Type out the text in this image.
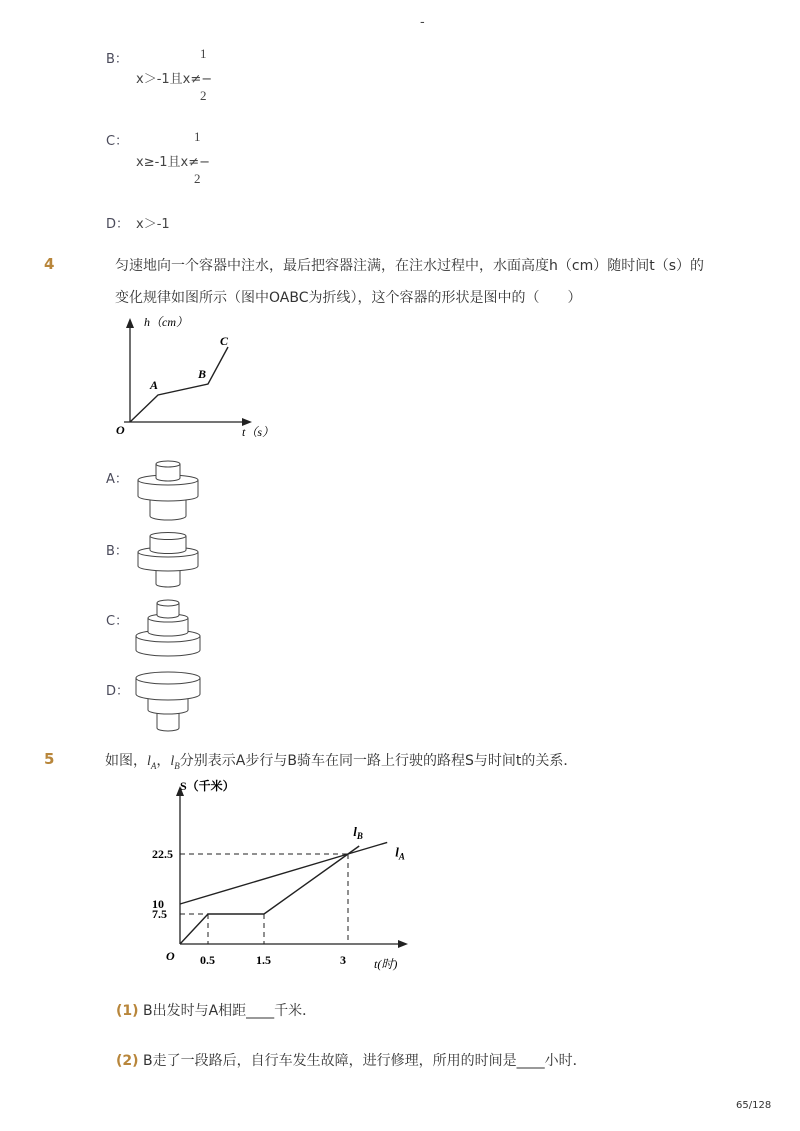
-
B：	1
x＞-1且x≠−
2
C：	1
x≥-1且x≠−
2
D： x＞-1
4	匀速地向一个容器中注水，最后把容器注满，在注水过程中，水面高度h（cm）随时间t（s）的
变化规律如图所示（图中OABC为折线），这个容器的形状是图中的（　　）
h（cm）
t（s）
O
A
B
C
A：
B：
C：
D：
5	如图，$l_A$，$l_B$分别表示A步行与B骑车在同一路上行驶的路程S与时间t的关系．
S（千米）
t(时)
O 0.5	1.5	3
7.5
10
22.5	$l_A$
$l_B$
(1) B出发时与A相距____千米．
(2) B走了一段路后，自行车发生故障，进行修理，所用的时间是____小时．
65/128
